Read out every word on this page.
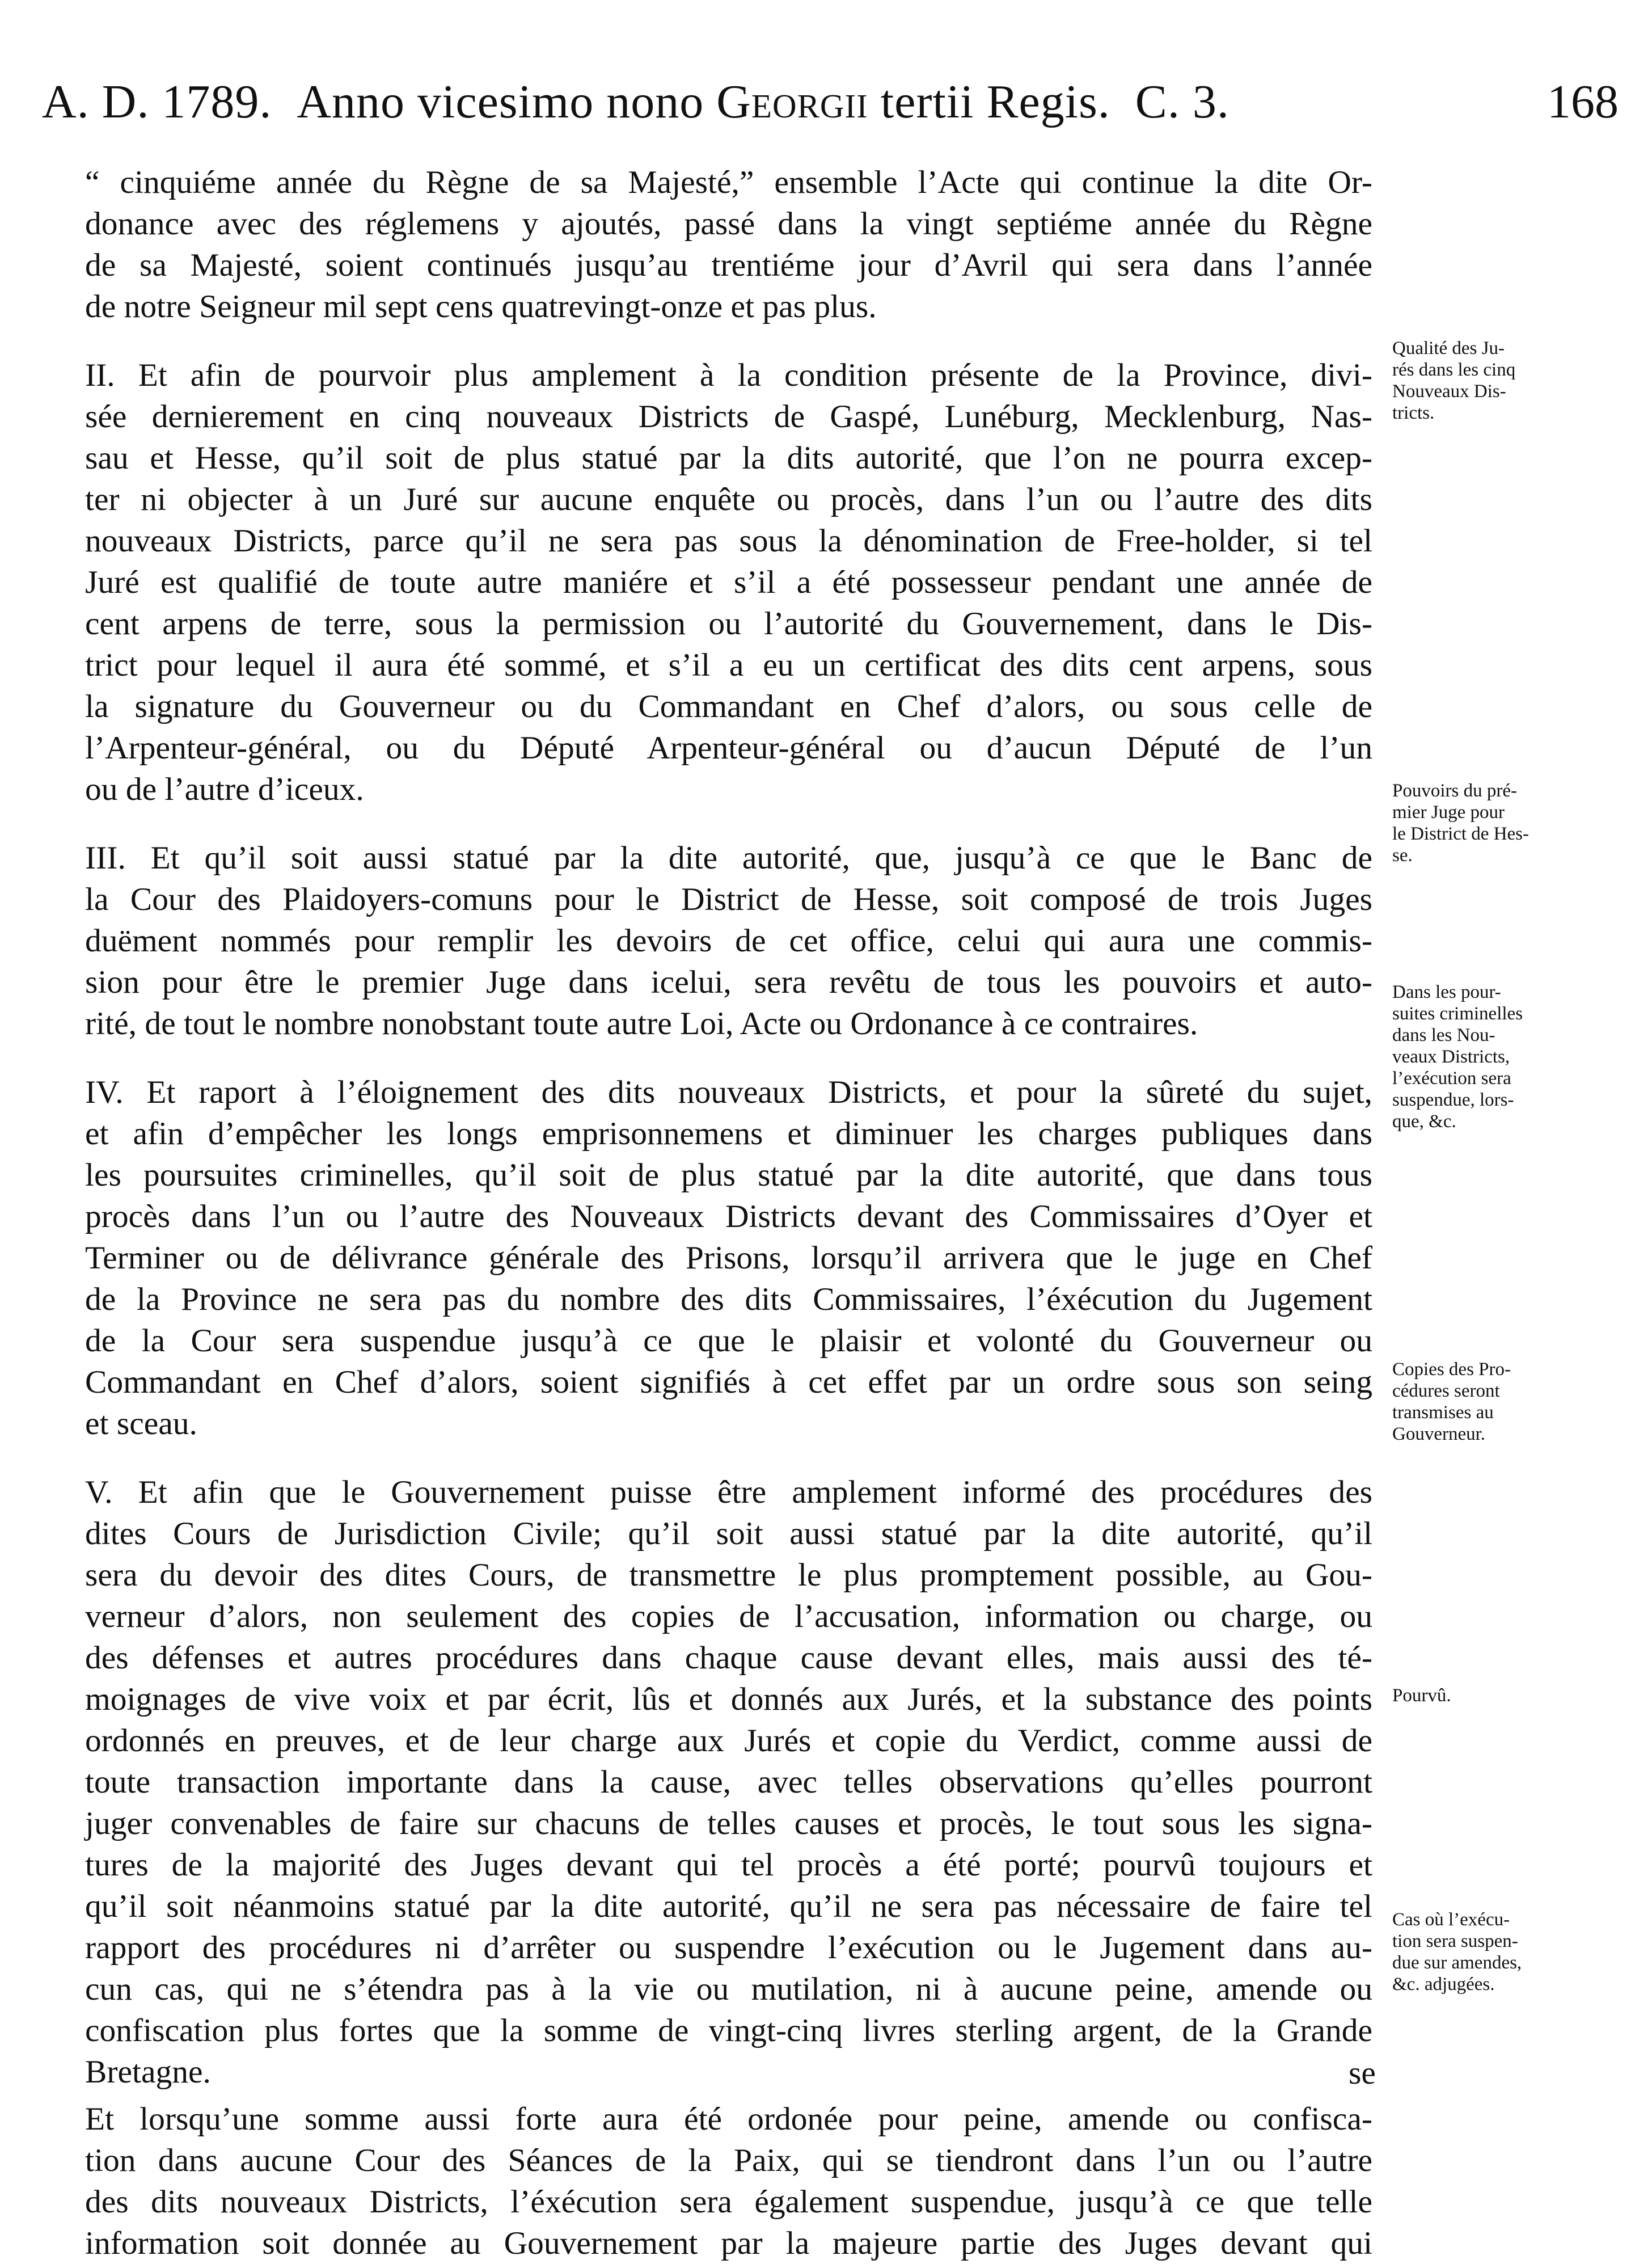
A. D. 1789. Anno vicesimo nono Georgii tertii Regis. C. 3.	168

“ cinquiéme année du Règne de sa Majesté,” ensemble l’Acte qui continue la dite Or-
donance avec des réglemens y ajoutés, passé dans la vingt septiéme année du Règne
de sa Majesté, soient continués jusqu’au trentiéme jour d’Avril qui sera dans l’année
de notre Seigneur mil sept cens quatrevingt-onze et pas plus.

II. Et afin de pourvoir plus amplement à la condition présente de la Province, divi-
sée dernierement en cinq nouveaux Districts de Gaspé, Lunéburg, Mecklenburg, Nas-
sau et Hesse, qu’il soit de plus statué par la dits autorité, que l’on ne pourra excep-
ter ni objecter à un Juré sur aucune enquête ou procès, dans l’un ou l’autre des dits
nouveaux Districts, parce qu’il ne sera pas sous la dénomination de Free-holder, si tel
Juré est qualifié de toute autre maniére et s’il a été possesseur pendant une année de
cent arpens de terre, sous la permission ou l’autorité du Gouvernement, dans le Dis-
trict pour lequel il aura été sommé, et s’il a eu un certificat des dits cent arpens, sous
la signature du Gouverneur ou du Commandant en Chef d’alors, ou sous celle de
l’Arpenteur-général, ou du Député Arpenteur-général ou d’aucun Député de l’un
ou de l’autre d’iceux.

III. Et qu’il soit aussi statué par la dite autorité, que, jusqu’à ce que le Banc de
la Cour des Plaidoyers-comuns pour le District de Hesse, soit composé de trois Juges
duëment nommés pour remplir les devoirs de cet office, celui qui aura une commis-
sion pour être le premier Juge dans icelui, sera revêtu de tous les pouvoirs et auto-
rité, de tout le nombre nonobstant toute autre Loi, Acte ou Ordonance à ce contraires.

IV. Et raport à l’éloignement des dits nouveaux Districts, et pour la sûreté du sujet,
et afin d’empêcher les longs emprisonnemens et diminuer les charges publiques dans
les poursuites criminelles, qu’il soit de plus statué par la dite autorité, que dans tous
procès dans l’un ou l’autre des Nouveaux Districts devant des Commissaires d’Oyer et
Terminer ou de délivrance générale des Prisons, lorsqu’il arrivera que le juge en Chef
de la Province ne sera pas du nombre des dits Commissaires, l’éxécution du Jugement
de la Cour sera suspendue jusqu’à ce que le plaisir et volonté du Gouverneur ou
Commandant en Chef d’alors, soient signifiés à cet effet par un ordre sous son seing
et sceau.

V. Et afin que le Gouvernement puisse être amplement informé des procédures des
dites Cours de Jurisdiction Civile; qu’il soit aussi statué par la dite autorité, qu’il
sera du devoir des dites Cours, de transmettre le plus promptement possible, au Gou-
verneur d’alors, non seulement des copies de l’accusation, information ou charge, ou
des défenses et autres procédures dans chaque cause devant elles, mais aussi des té-
moignages de vive voix et par écrit, lûs et donnés aux Jurés, et la substance des points
ordonnés en preuves, et de leur charge aux Jurés et copie du Verdict, comme aussi de
toute transaction importante dans la cause, avec telles observations qu’elles pourront
juger convenables de faire sur chacuns de telles causes et procès, le tout sous les signa-
tures de la majorité des Juges devant qui tel procès a été porté; pourvû toujours et
qu’il soit néanmoins statué par la dite autorité, qu’il ne sera pas nécessaire de faire tel
rapport des procédures ni d’arrêter ou suspendre l’exécution ou le Jugement dans au-
cun cas, qui ne s’étendra pas à la vie ou mutilation, ni à aucune peine, amende ou
confiscation plus fortes que la somme de vingt-cinq livres sterling argent, de la Grande
Bretagne.

Et lorsqu’une somme aussi forte aura été ordonée pour peine, amende ou confisca-
tion dans aucune Cour des Séances de la Paix, qui se tiendront dans l’un ou l’autre
des dits nouveaux Districts, l’éxécution sera également suspendue, jusqu’à ce que telle
information soit donnée au Gouvernement par la majeure partie des Juges devant qui

Qualité des Ju-
rés dans les cinq
Nouveaux Dis-
tricts.
Pouvoirs du pré-
mier Juge pour
le District de Hes-
se.
Dans les pour-
suites criminelles
dans les Nou-
veaux Districts,
l’exécution sera
suspendue, lors-
que, &c.
Copies des Pro-
cédures seront
transmises au
Gouverneur.
Pourvû.
Cas où l’exécu-
tion sera suspen-
due sur amendes,
&c. adjugées.
se
